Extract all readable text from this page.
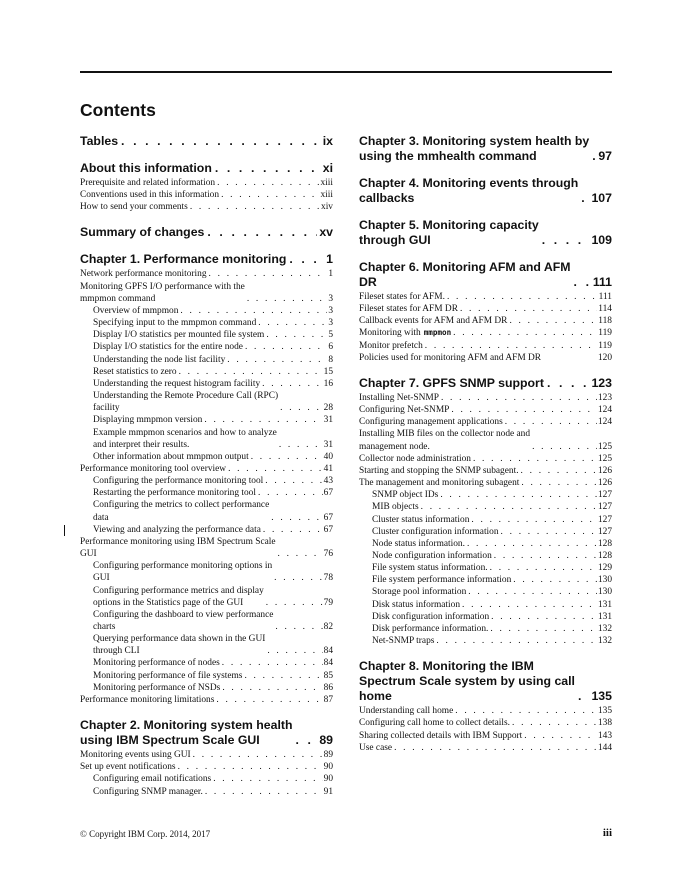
Contents
Tables . . .	ix
About this information . . .	xi
Prerequisite and related information . . .	xiii
Conventions used in this information . . .	xiii
How to send your comments . . .	xiv
Summary of changes . . .	xv
Chapter 1. Performance monitoring . . .	1
Network performance monitoring . . .	1
Monitoring GPFS I/O performance with the
mmpmon command . . .	3
Overview of mmpmon . . .	3
Specifying input to the mmpmon command . . .	3
Display I/O statistics per mounted file system . . .	5
Display I/O statistics for the entire node . . .	6
Understanding the node list facility . . .	8
Reset statistics to zero . . .	15
Understanding the request histogram facility . . .	16
Understanding the Remote Procedure Call (RPC)
facility . . .	28
Displaying mmpmon version . . .	31
Example mmpmon scenarios and how to analyze
and interpret their results. . . .	31
Other information about mmpmon output . . .	40
Performance monitoring tool overview . . .	41
Configuring the performance monitoring tool . . .	43
Restarting the performance monitoring tool . . .	67
Configuring the metrics to collect performance
data . . .	67
Viewing and analyzing the performance data . . .	67
Performance monitoring using IBM Spectrum Scale
GUI . . .	76
Configuring performance monitoring options in
GUI . . .	78
Configuring performance metrics and display
options in the Statistics page of the GUI . . .	79
Configuring the dashboard to view performance
charts . . .	82
Querying performance data shown in the GUI
through CLI . . .	84
Monitoring performance of nodes . . .	84
Monitoring performance of file systems . . .	85
Monitoring performance of NSDs . . .	86
Performance monitoring limitations . . .	87
Chapter 2. Monitoring system health
using IBM Spectrum Scale GUI . . .	89
Monitoring events using GUI . . .	89
Set up event notifications . . .	90
Configuring email notifications . . .	90
Configuring SNMP manager. . . .	91
Chapter 3. Monitoring system health by
using the mmhealth command . . .	97
Chapter 4. Monitoring events through
callbacks . . .	107
Chapter 5. Monitoring capacity
through GUI . . .	109
Chapter 6. Monitoring AFM and AFM
DR . . .	111
Fileset states for AFM. . . .	111
Fileset states for AFM DR . . .	114
Callback events for AFM and AFM DR . . .	118
Monitoring with mmpmon . . .	119
Monitor prefetch . . .	119
Policies used for monitoring AFM and AFM DR	120
Chapter 7. GPFS SNMP support . . .	123
Installing Net-SNMP . . .	123
Configuring Net-SNMP . . .	124
Configuring management applications . . .	124
Installing MIB files on the collector node and
management node. . . .	125
Collector node administration . . .	125
Starting and stopping the SNMP subagent. . . .	126
The management and monitoring subagent . . .	126
SNMP object IDs . . .	127
MIB objects . . .	127
Cluster status information . . .	127
Cluster configuration information . . .	127
Node status information. . . .	128
Node configuration information . . .	128
File system status information. . . .	129
File system performance information . . .	130
Storage pool information . . .	130
Disk status information . . .	131
Disk configuration information . . .	131
Disk performance information. . . .	132
Net-SNMP traps . . .	132
Chapter 8. Monitoring the IBM
Spectrum Scale system by using call
home . . .	135
Understanding call home . . .	135
Configuring call home to collect details. . . .	138
Sharing collected details with IBM Support . . .	143
Use case . . .	144
© Copyright IBM Corp. 2014, 2017	iii
